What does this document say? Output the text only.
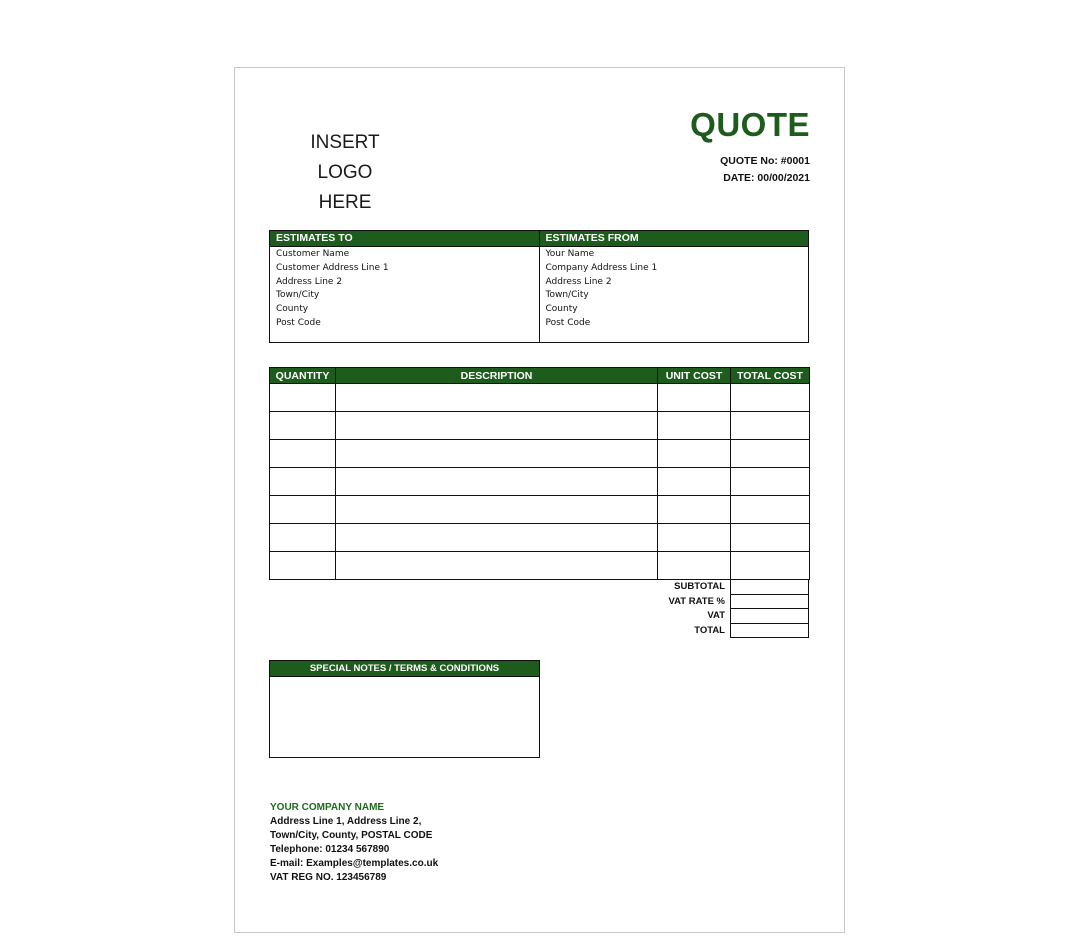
INSERT LOGO
HERE
QUOTE
QUOTE No: #0001
DATE: 00/00/2021
ESTIMATES TO
Customer Name
Customer Address Line 1
Address Line 2
Town/City
County
Post Code
ESTIMATES FROM
Your Name
Company Address Line 1
Address Line 2
Town/City
County
Post Code
QUANTITY	DESCRIPTION	UNIT COST	TOTAL COST

SUBTOTAL
VAT RATE %
VAT
TOTAL
SPECIAL NOTES / TERMS & CONDITIONS
YOUR COMPANY NAME
Address Line 1, Address Line 2,
Town/City, County, POSTAL CODE
Telephone: 01234 567890
E-mail: Examples@templates.co.uk
VAT REG NO. 123456789
